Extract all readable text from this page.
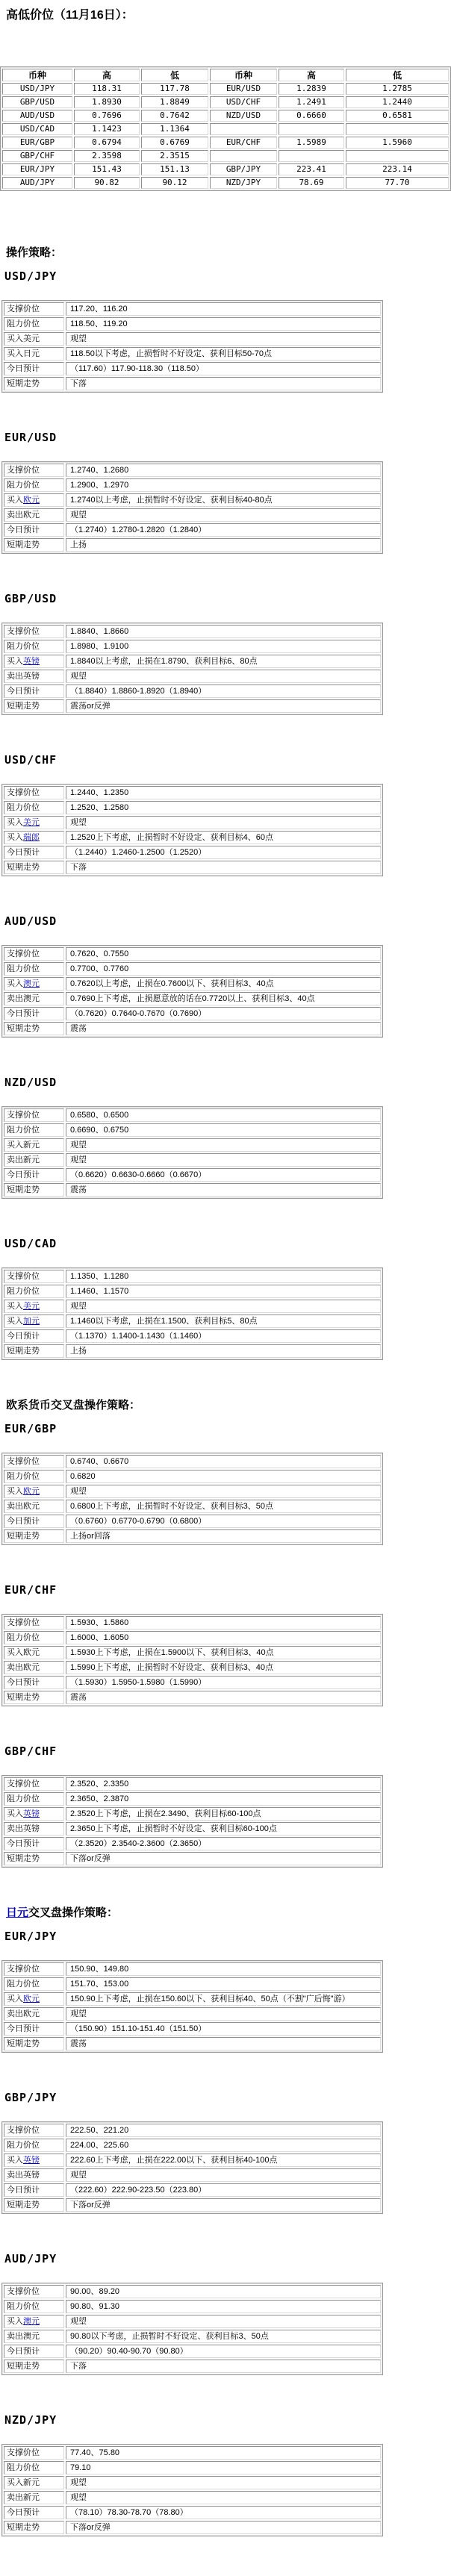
高低价位（11月16日）：
币种	高	低	币种	高	低
USD/JPY	118.31	117.78	EUR/USD	1.2839	1.2785
GBP/USD	1.8930	1.8849	USD/CHF	1.2491	1.2440
AUD/USD	0.7696	0.7642	NZD/USD	0.6660	0.6581
USD/CAD	1.1423	1.1364			
EUR/GBP	0.6794	0.6769	EUR/CHF	1.5989	1.5960
GBP/CHF	2.3598	2.3515			
EUR/JPY	151.43	151.13	GBP/JPY	223.41	223.14
AUD/JPY	90.82	90.12	NZD/JPY	78.69	77.70
操作策略：
USD/JPY
支撑价位	117.20、116.20
阻力价位	118.50、119.20
买入美元	观望
买入日元	118.50以下考虑，止损暂时不好设定、获利目标50-70点
今日预计	（117.60）117.90-118.30（118.50）
短期走势	下落
EUR/USD
支撑价位	1.2740、1.2680
阻力价位	1.2900、1.2970
买入欧元	1.2740以上考虑，止损暂时不好设定、获利目标40-80点
卖出欧元	观望
今日预计	（1.2740）1.2780-1.2820（1.2840）
短期走势	上扬
GBP/USD
支撑价位	1.8840、1.8660
阻力价位	1.8980、1.9100
买入英镑	1.8840以上考虑，止损在1.8790、获利目标6、80点
卖出英镑	观望
今日预计	（1.8840）1.8860-1.8920（1.8940）
短期走势	震荡or反弹
USD/CHF
支撑价位	1.2440、1.2350
阻力价位	1.2520、1.2580
买入美元	观望
买入瑞郎	1.2520上下考虑，止损暂时不好设定、获利目标4、60点
今日预计	（1.2440）1.2460-1.2500（1.2520）
短期走势	下落
AUD/USD
支撑价位	0.7620、0.7550
阻力价位	0.7700、0.7760
买入澳元	0.7620以上考虑，止损在0.7600以下、获利目标3、40点
卖出澳元	0.7690上下考虑，止损愿意放的话在0.7720以上、获利目标3、40点
今日预计	（0.7620）0.7640-0.7670（0.7690）
短期走势	震荡
NZD/USD
支撑价位	0.6580、0.6500
阻力价位	0.6690、0.6750
买入新元	观望
卖出新元	观望
今日预计	（0.6620）0.6630-0.6660（0.6670）
短期走势	震荡
USD/CAD
支撑价位	1.1350、1.1280
阻力价位	1.1460、1.1570
买入美元	观望
买入加元	1.1460以下考虑，止损在1.1500、获利目标5、80点
今日预计	（1.1370）1.1400-1.1430（1.1460）
短期走势	上扬
欧系货币交叉盘操作策略：
EUR/GBP
支撑价位	0.6740、0.6670
阻力价位	0.6820
买入欧元	观望
卖出欧元	0.6800上下考虑，止损暂时不好设定、获利目标3、50点
今日预计	（0.6760）0.6770-0.6790（0.6800）
短期走势	上扬or回落
EUR/CHF
支撑价位	1.5930、1.5860
阻力价位	1.6000、1.6050
买入欧元	1.5930上下考虑，止损在1.5900以下、获利目标3、40点
卖出欧元	1.5990上下考虑，止损暂时不好设定、获利目标3、40点
今日预计	（1.5930）1.5950-1.5980（1.5990）
短期走势	震荡
GBP/CHF
支撑价位	2.3520、2.3350
阻力价位	2.3650、2.3870
买入英镑	2.3520上下考虑，止损在2.3490、获利目标60-100点
卖出英镑	2.3650上下考虑，止损暂时不好设定、获利目标60-100点
今日预计	（2.3520）2.3540-2.3600（2.3650）
短期走势	下落or反弹
日元交叉盘操作策略：
EUR/JPY
支撑价位	150.90、149.80
阻力价位	151.70、153.00
买入欧元	150.90上下考虑，止损在150.60以下、获利目标40、50点（不割"广后悔"游）
卖出欧元	观望
今日预计	（150.90）151.10-151.40（151.50）
短期走势	震荡
GBP/JPY
支撑价位	222.50、221.20
阻力价位	224.00、225.60
买入英镑	222.60上下考虑，止损在222.00以下、获利目标40-100点
卖出英镑	观望
今日预计	（222.60）222.90-223.50（223.80）
短期走势	下落or反弹
AUD/JPY
支撑价位	90.00、89.20
阻力价位	90.80、91.30
买入澳元	观望
卖出澳元	90.80以下考虑，止损暂时不好设定、获利目标3、50点
今日预计	（90.20）90.40-90.70（90.80）
短期走势	下落
NZD/JPY
支撑价位	77.40、75.80
阻力价位	79.10
买入新元	观望
卖出新元	观望
今日预计	（78.10）78.30-78.70（78.80）
短期走势	下落or反弹
